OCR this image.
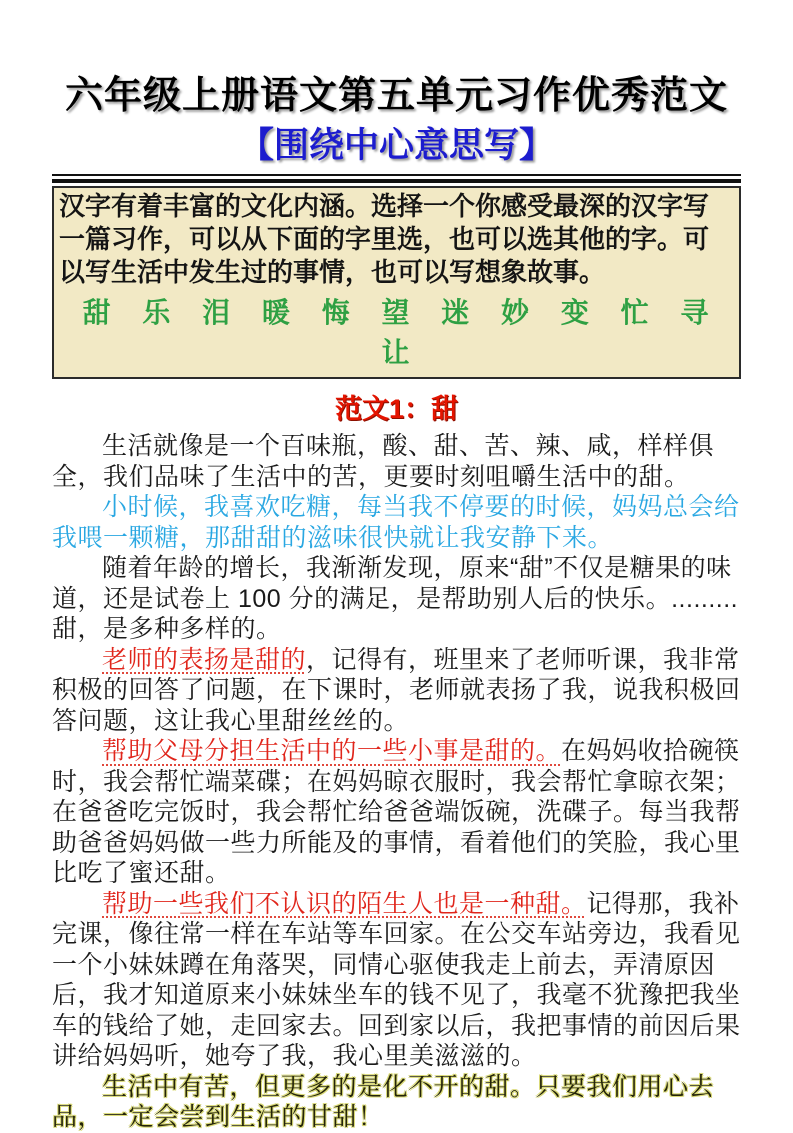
六年级上册语文第五单元习作优秀范文
【围绕中心意思写】

汉字有着丰富的文化内涵。选择一个你感受最深的汉字写一篇习作，可以从下面的字里选，也可以选其他的字。可以写生活中发生过的事情，也可以写想象故事。

甜 乐 泪 暖 悔 望 迷 妙 变 忙 寻 让
范文1：甜

生活就像是一个百味瓶，酸、甜、苦、辣、咸，样样俱全，我们品味了生活中的苦，更要时刻咀嚼生活中的甜。

小时候，我喜欢吃糖，每当我不停要的时候，妈妈总会给我喂一颗糖，那甜甜的滋味很快就让我安静下来。

随着年龄的增长，我渐渐发现，原来“甜”不仅是糖果的味道，还是试卷上 100 分的满足，是帮助别人后的快乐。.........甜，是多种多样的。

老师的表扬是甜的，记得有，班里来了老师听课，我非常积极的回答了问题，在下课时，老师就表扬了我，说我积极回答问题，这让我心里甜丝丝的。

帮助父母分担生活中的一些小事是甜的。在妈妈收拾碗筷时，我会帮忙端菜碟；在妈妈晾衣服时，我会帮忙拿晾衣架；在爸爸吃完饭时，我会帮忙给爸爸端饭碗，洗碟子。每当我帮助爸爸妈妈做一些力所能及的事情，看着他们的笑脸，我心里比吃了蜜还甜。

帮助一些我们不认识的陌生人也是一种甜。记得那，我补完课，像往常一样在车站等车回家。在公交车站旁边，我看见一个小妹妹蹲在角落哭，同情心驱使我走上前去，弄清原因后，我才知道原来小妹妹坐车的钱不见了，我毫不犹豫把我坐车的钱给了她，走回家去。回到家以后，我把事情的前因后果讲给妈妈听，她夸了我，我心里美滋滋的。

生活中有苦，但更多的是化不开的甜。只要我们用心去品，一定会尝到生活的甘甜！
